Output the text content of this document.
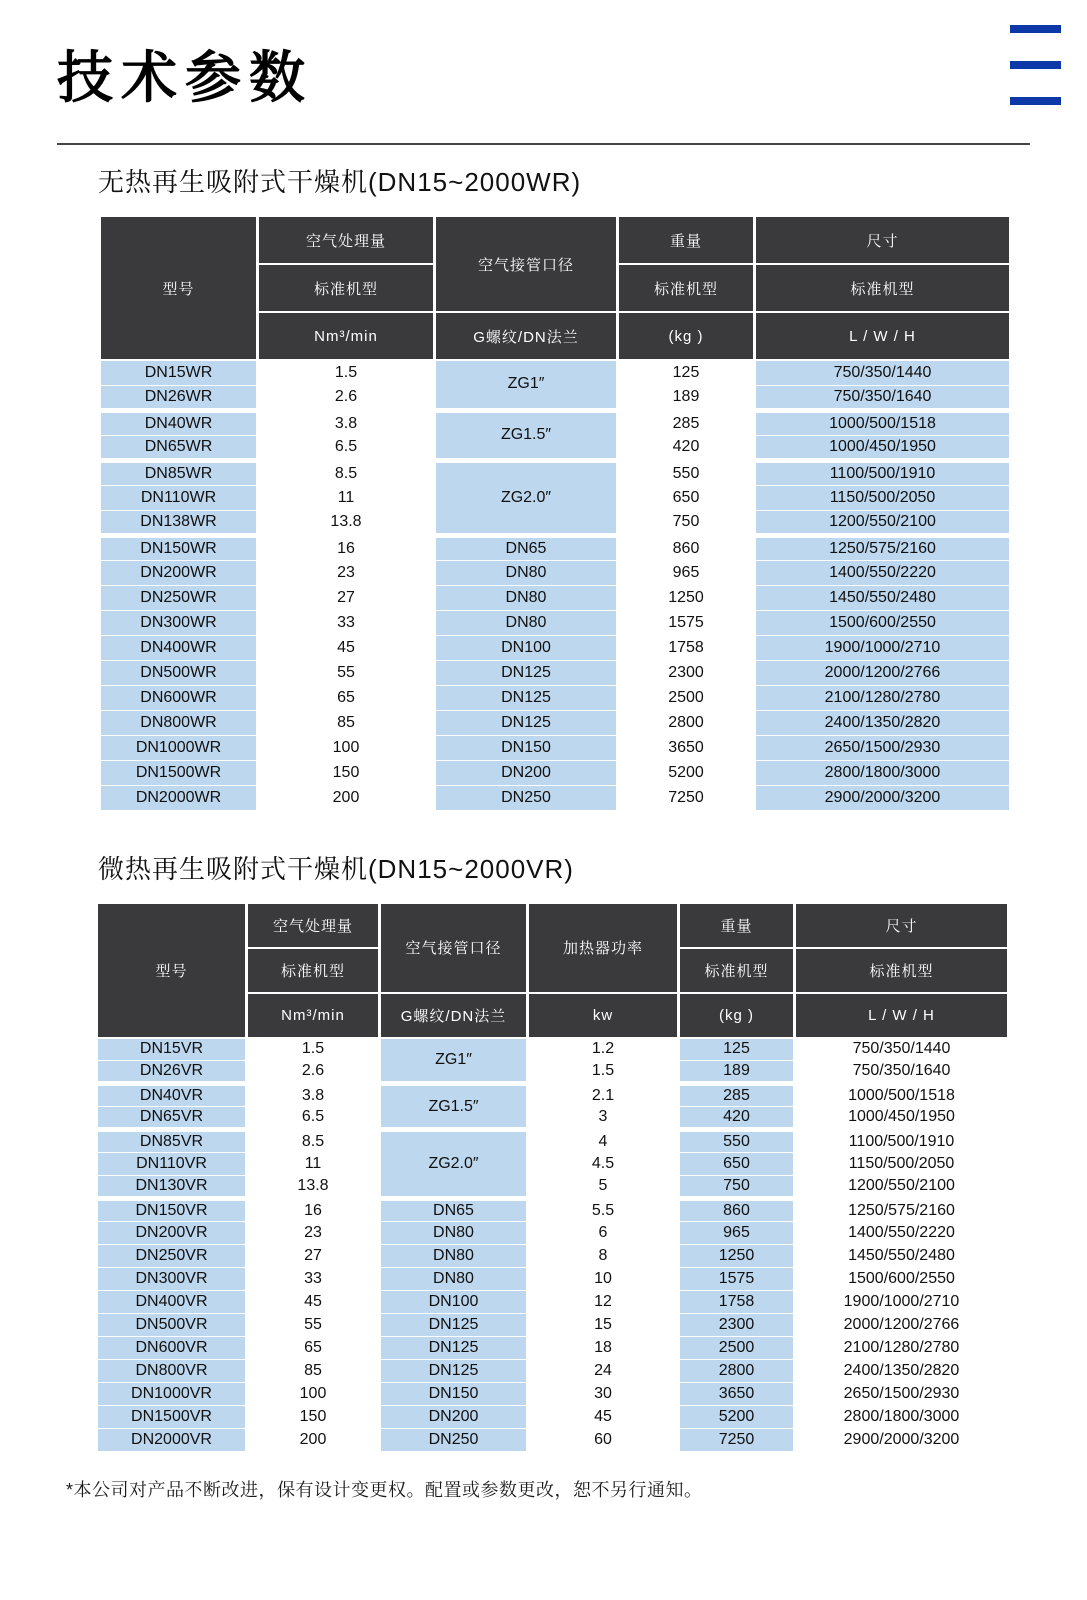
技术参数
无热再生吸附式干燥机(DN15~2000WR)
型号	空气处理量	空气接管口径	重量	尺寸
	标准机型		标准机型	标准机型
	Nm³/min	G螺纹/DN法兰	(kg )	L / W / H
DN15WR	1.5	ZG1″	125	750/350/1440
DN26WR	2.6		189	750/350/1640
DN40WR	3.8	ZG1.5″	285	1000/500/1518
DN65WR	6.5		420	1000/450/1950
DN85WR	8.5	ZG2.0″	550	1100/500/1910
DN110WR	11		650	1150/500/2050
DN138WR	13.8		750	1200/550/2100
DN150WR	16	DN65	860	1250/575/2160
DN200WR	23	DN80	965	1400/550/2220
DN250WR	27	DN80	1250	1450/550/2480
DN300WR	33	DN80	1575	1500/600/2550
DN400WR	45	DN100	1758	1900/1000/2710
DN500WR	55	DN125	2300	2000/1200/2766
DN600WR	65	DN125	2500	2100/1280/2780
DN800WR	85	DN125	2800	2400/1350/2820
DN1000WR	100	DN150	3650	2650/1500/2930
DN1500WR	150	DN200	5200	2800/1800/3000
DN2000WR	200	DN250	7250	2900/2000/3200
微热再生吸附式干燥机(DN15~2000VR)
型号	空气处理量	空气接管口径	加热器功率	重量	尺寸
	标准机型			标准机型	标准机型
	Nm³/min	G螺纹/DN法兰	kw	(kg )	L / W / H
DN15VR	1.5	ZG1″	1.2	125	750/350/1440
DN26VR	2.6		1.5	189	750/350/1640
DN40VR	3.8	ZG1.5″	2.1	285	1000/500/1518
DN65VR	6.5		3	420	1000/450/1950
DN85VR	8.5	ZG2.0″	4	550	1100/500/1910
DN110VR	11		4.5	650	1150/500/2050
DN130VR	13.8		5	750	1200/550/2100
DN150VR	16	DN65	5.5	860	1250/575/2160
DN200VR	23	DN80	6	965	1400/550/2220
DN250VR	27	DN80	8	1250	1450/550/2480
DN300VR	33	DN80	10	1575	1500/600/2550
DN400VR	45	DN100	12	1758	1900/1000/2710
DN500VR	55	DN125	15	2300	2000/1200/2766
DN600VR	65	DN125	18	2500	2100/1280/2780
DN800VR	85	DN125	24	2800	2400/1350/2820
DN1000VR	100	DN150	30	3650	2650/1500/2930
DN1500VR	150	DN200	45	5200	2800/1800/3000
DN2000VR	200	DN250	60	7250	2900/2000/3200

*本公司对产品不断改进，保有设计变更权。配置或参数更改，恕不另行通知。
